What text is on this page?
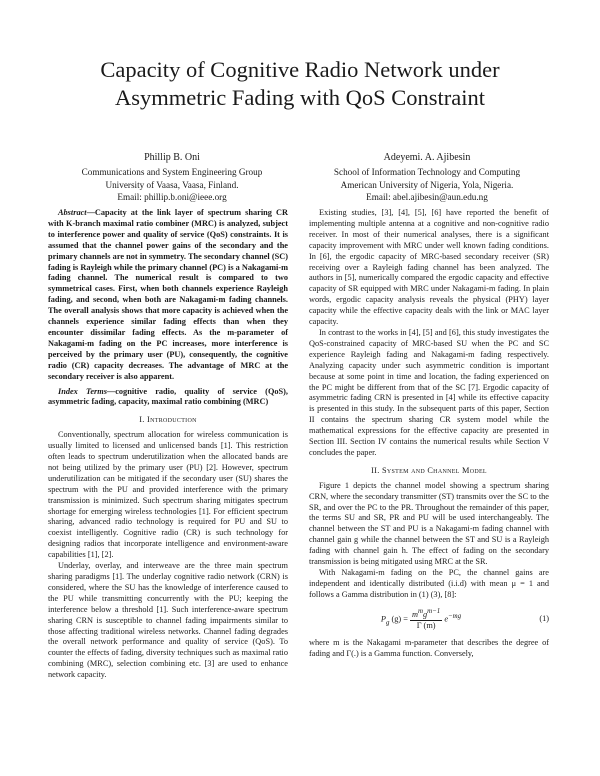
Capacity of Cognitive Radio Network under
Asymmetric Fading with QoS Constraint
Phillip B. Oni
Communications and System Engineering Group
University of Vaasa, Vaasa, Finland.
Email: phillip.b.oni@ieee.org
Adeyemi. A. Ajibesin
School of Information Technology and Computing
American University of Nigeria, Yola, Nigeria.
Email: abel.ajibesin@aun.edu.ng

Abstract—Capacity at the link layer of spectrum sharing CR with K-branch maximal ratio combiner (MRC) is analyzed, subject to interference power and quality of service (QoS) constraints. It is assumed that the channel power gains of the secondary and the primary channels are not in symmetry. The secondary channel (SC) fading is Rayleigh while the primary channel (PC) is a Nakagami-m fading channel. The numerical result is compared to two symmetrical cases. First, when both channels experience Rayleigh fading, and second, when both are Nakagami-m fading channels. The overall analysis shows that more capacity is achieved when the channels experience similar fading effects than when they encounter dissimilar fading effects. As the m-parameter of Nakagami-m fading on the PC increases, more interference is perceived by the primary user (PU), consequently, the cognitive radio (CR) capacity decreases. The advantage of MRC at the secondary receiver is also apparent.

Index Terms—cognitive radio, quality of service (QoS), asymmetric fading, capacity, maximal ratio combining (MRC)

I. Introduction

Conventionally, spectrum allocation for wireless communication is usually limited to licensed and unlicensed bands [1]. This restriction often leads to spectrum underutilization when the allocated bands are not being utilized by the primary user (PU) [2]. However, spectrum underutilization can be mitigated if the secondary user (SU) shares the spectrum with the PU and provided interference with the primary transmission is minimized. Such spectrum sharing mitigates spectrum shortage for emerging wireless technologies [1]. For efficient spectrum sharing, advanced radio technology is required for PU and SU to coexist intelligently. Cognitive radio (CR) is such technology for designing radios that incorporate intelligence and environment-aware capabilities [1], [2].

Underlay, overlay, and interweave are the three main spectrum sharing paradigms [1]. The underlay cognitive radio network (CRN) is considered, where the SU has the knowledge of interference caused to the PU while transmitting concurrently with the PU; keeping the interference below a threshold [1]. Such interference-aware spectrum sharing CRN is susceptible to channel fading impairments similar to those affecting traditional wireless networks. Channel fading degrades the overall network performance and quality of service (QoS). To counter the effects of fading, diversity techniques such as maximal ratio combining (MRC), selection combining etc. [3] are used to enhance network capacity.

Existing studies, [3], [4], [5], [6] have reported the benefit of implementing multiple antenna at a cognitive and non-cognitive radio receiver. In most of their numerical analyses, there is a significant capacity improvement with MRC under well known fading conditions. In [6], the ergodic capacity of MRC-based secondary receiver (SR) receiving over a Rayleigh fading channel has been analyzed. The authors in [5], numerically compared the ergodic capacity and effective capacity of SR equipped with MRC under Nakagami-m fading. In plain words, ergodic capacity analysis reveals the physical (PHY) layer capacity while the effective capacity deals with the link or MAC layer capacity.

In contrast to the works in [4], [5] and [6], this study investigates the QoS-constrained capacity of MRC-based SU when the PC and SC experience Rayleigh fading and Nakagami-m fading respectively. Analyzing capacity under such asymmetric condition is important because at some point in time and location, the fading experienced on the PC might be different from that of the SC [7]. Ergodic capacity of asymmetric fading CRN is presented in [4] while its effective capacity is presented in this study. In the subsequent parts of this paper, Section II contains the spectrum sharing CR system model while the mathematical expressions for the effective capacity are presented in Section III. Section IV contains the numerical results while Section V concludes the paper.

II. System and Channel Model

Figure 1 depicts the channel model showing a spectrum sharing CRN, where the secondary transmitter (ST) transmits over the SC to the SR, and over the PC to the PR. Throughout the remainder of this paper, the terms SU and SR, PR and PU will be used interchangeably. The channel between the ST and PU is a Nakagami-m fading channel with channel gain g while the channel between the ST and SU is a Rayleigh fading with channel gain h. The effect of fading on the secondary transmission is being mitigated using MRC at the SR.

With Nakagami-m fading on the PC, the channel gains are independent and identically distributed (i.i.d) with mean μ = 1 and follows a Gamma distribution in (1) (3), [8]:

$P_g$ $(g) = \frac{m^mg^{m-1}}{\Gamma (m)} e^{-mg}$	(1)

where m is the Nakagami m-parameter that describes the degree of fading and Γ(.) is a Gamma function. Conversely,
